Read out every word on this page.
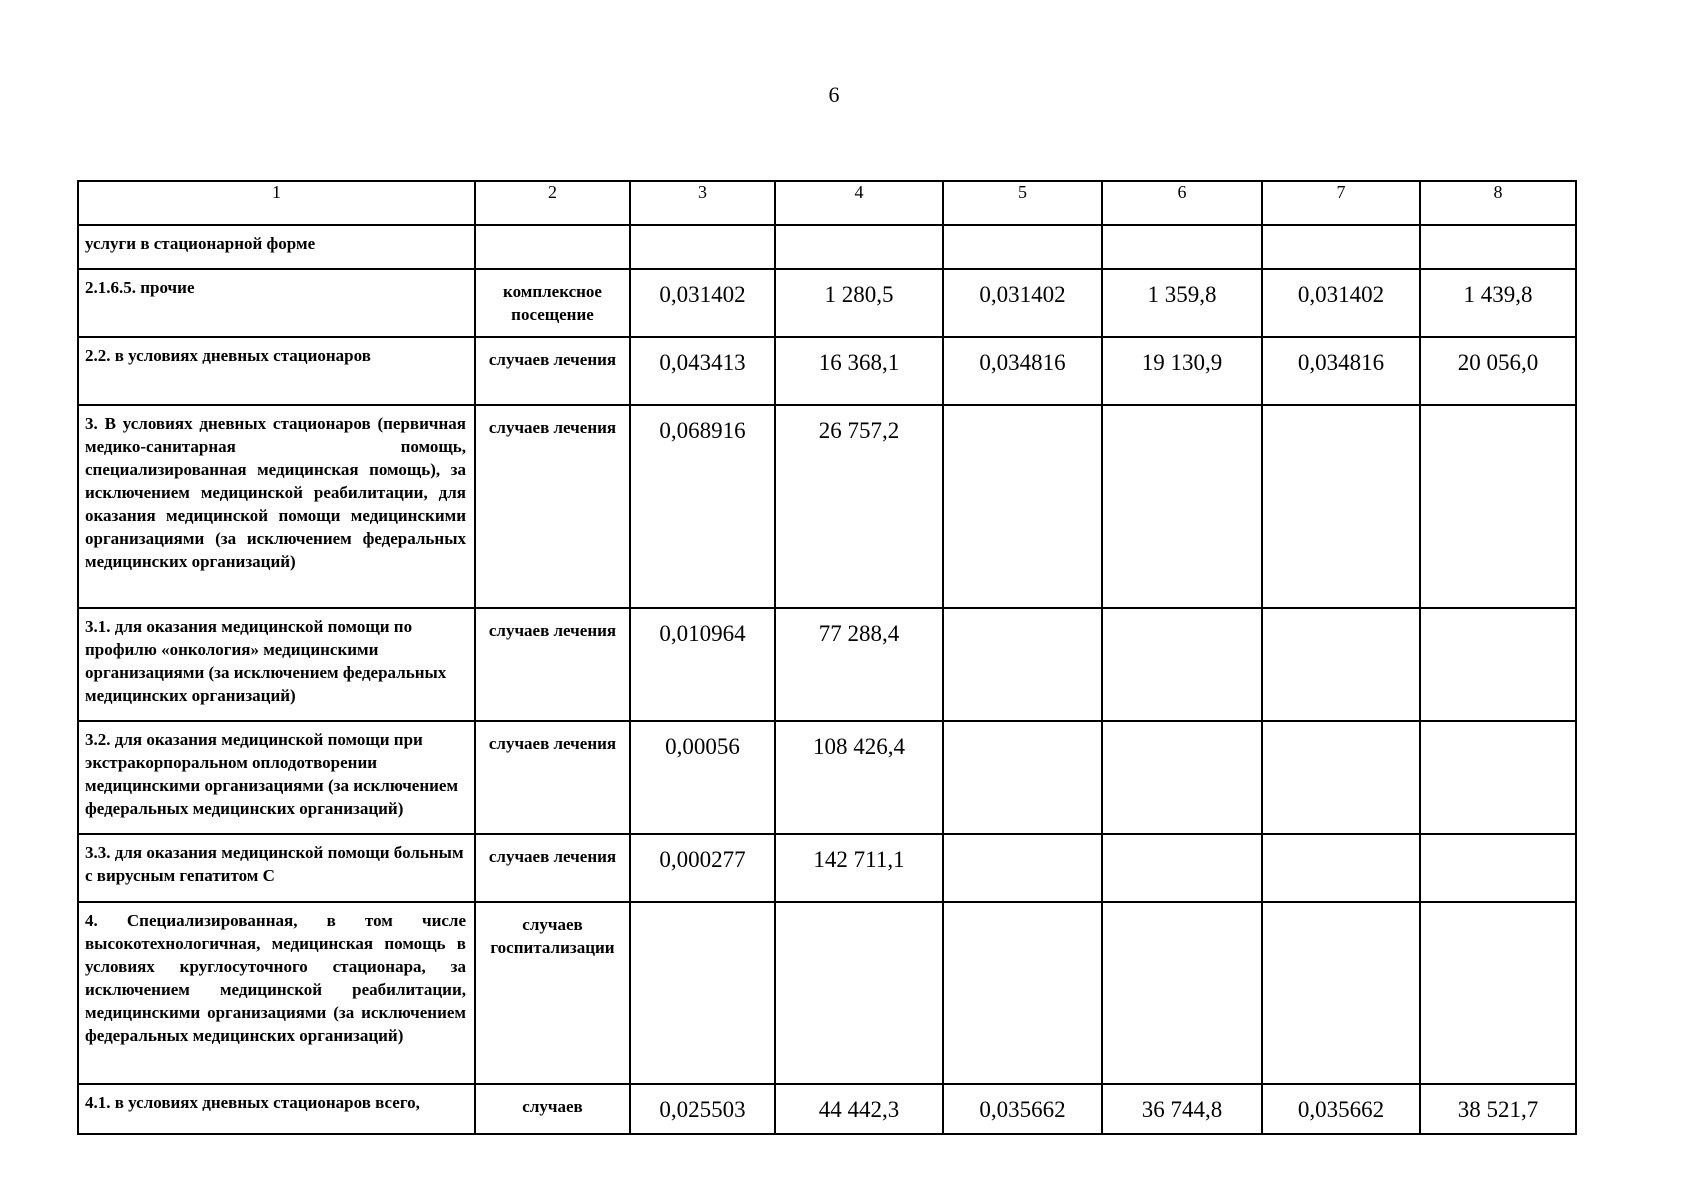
6
1	2	3	4	5	6	7	8
услуги в стационарной форме							
2.1.6.5. прочие	комплексное посещение	0,031402	1 280,5	0,031402	1 359,8	0,031402	1 439,8
2.2. в условиях дневных стационаров	случаев лечения	0,043413	16 368,1	0,034816	19 130,9	0,034816	20 056,0
3. В условиях дневных стационаров (первичная медико-санитарная помощь, специализированная медицинская помощь), за исключением медицинской реабилитации, для оказания медицинской помощи медицинскими организациями (за исключением федеральных медицинских организаций)	случаев лечения	0,068916	26 757,2				
3.1. для оказания медицинской помощи по профилю «онкология» медицинскими организациями (за исключением федеральных медицинских организаций)	случаев лечения	0,010964	77 288,4				
3.2. для оказания медицинской помощи при экстракорпоральном оплодотворении медицинскими организациями (за исключением федеральных медицинских организаций)	случаев лечения	0,00056	108 426,4				
3.3. для оказания медицинской помощи больным с вирусным гепатитом С	случаев лечения	0,000277	142 711,1				
4. Специализированная, в том числе высокотехнологичная, медицинская помощь в условиях круглосуточного стационара, за исключением медицинской реабилитации, медицинскими организациями (за исключением федеральных медицинских организаций)	случаев госпитализации						
4.1. в условиях дневных стационаров всего,	случаев	0,025503	44 442,3	0,035662	36 744,8	0,035662	38 521,7
